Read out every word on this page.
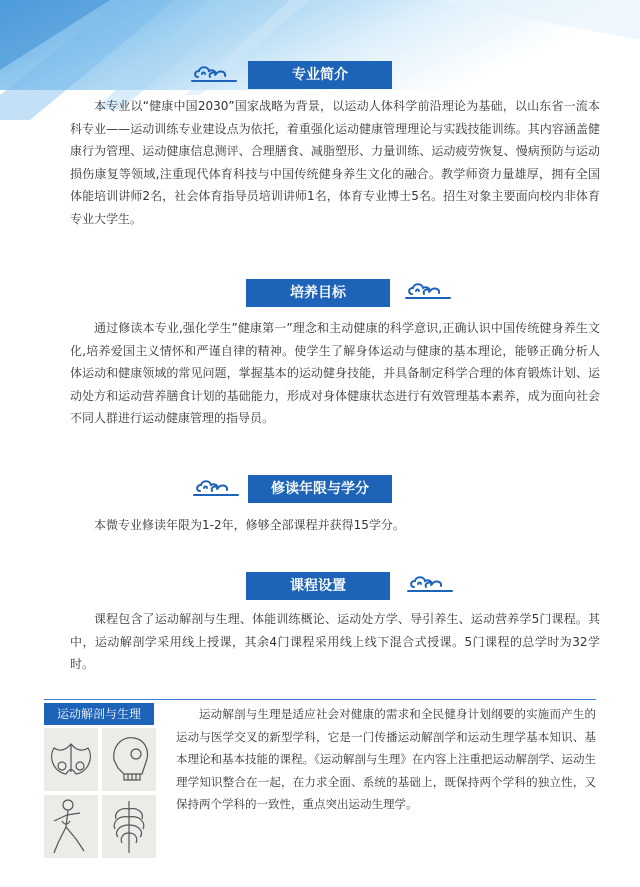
专业简介
本专业以“健康中国2030”国家战略为背景，以运动人体科学前沿理论为基础，以山东省一流本科专业——运动训练专业建设点为依托，着重强化运动健康管理理论与实践技能训练。其内容涵盖健康行为管理、运动健康信息测评、合理膳食、减脂塑形、力量训练、运动疲劳恢复、慢病预防与运动损伤康复等领域,注重现代体育科技与中国传统健身养生文化的融合。教学师资力量雄厚，拥有全国体能培训讲师2名，社会体育指导员培训讲师1名，体育专业博士5名。招生对象主要面向校内非体育专业大学生。
培养目标
通过修读本专业,强化学生”健康第一”理念和主动健康的科学意识,正确认识中国传统健身养生文化,培养爱国主义情怀和严谨自律的精神。使学生了解身体运动与健康的基本理论，能够正确分析人体运动和健康领域的常见问题，掌握基本的运动健身技能，并具备制定科学合理的体育锻炼计划、运动处方和运动营养膳食计划的基础能力，形成对身体健康状态进行有效管理基本素养，成为面向社会不同人群进行运动健康管理的指导员。
修读年限与学分
本微专业修读年限为1-2年，修够全部课程并获得15学分。
课程设置
课程包含了运动解剖与生理、体能训练概论、运动处方学、导引养生、运动营养学5门课程。其中，运动解剖学采用线上授课，其余4门课程采用线上线下混合式授课。5门课程的总学时为32学时。
运动解剖与生理	运动解剖与生理是适应社会对健康的需求和全民健身计划纲要的实施而产生的运动与医学交叉的新型学科，它是一门传播运动解剖学和运动生理学基本知识、基本理论和基本技能的课程。《运动解剖与生理》在内容上注重把运动解剖学、运动生理学知识整合在一起，在力求全面、系统的基础上，既保持两个学科的独立性，又保持两个学科的一致性，重点突出运动生理学。
